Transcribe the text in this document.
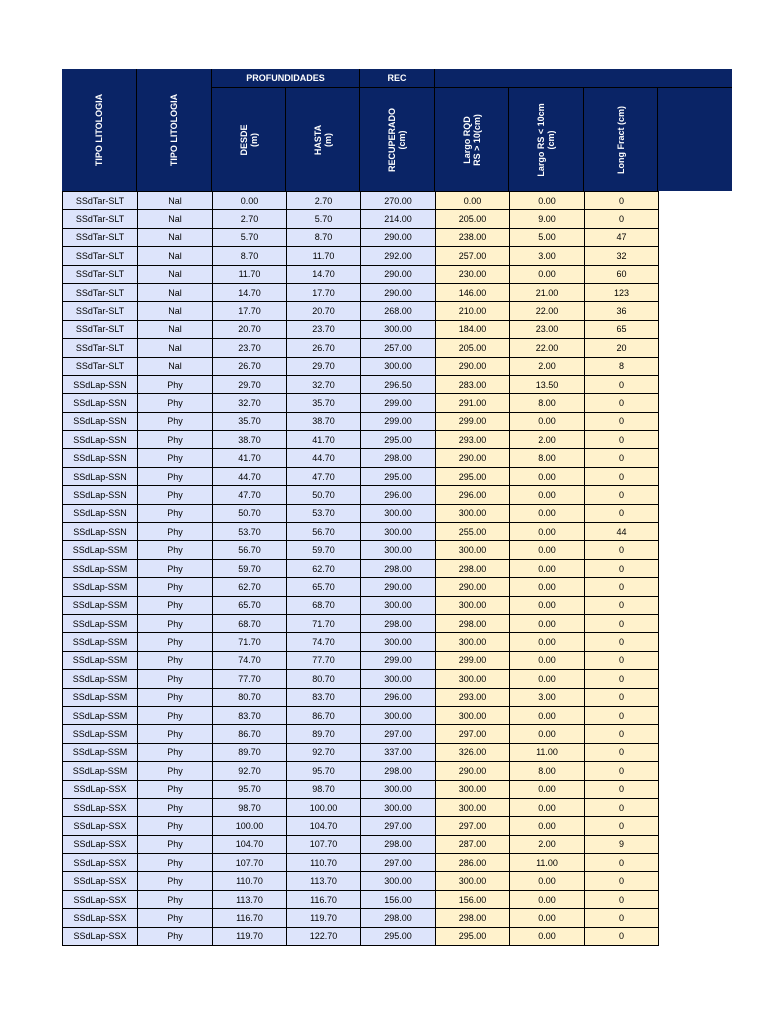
PROFUNDIDADES	REC
TIPO LITOLOGIA	TIPO LITOLOGIA	DESDE (m)	HASTA (m)	RECUPERADO (cm)	Largo RQD RS > 10(cm)	Largo RS < 10cm (cm)	Long Fract (cm)
SSdTar-SLT	Nal	0.00	2.70	270.00	0.00	0.00	0
SSdTar-SLT	Nal	2.70	5.70	214.00	205.00	9.00	0
SSdTar-SLT	Nal	5.70	8.70	290.00	238.00	5.00	47
SSdTar-SLT	Nal	8.70	11.70	292.00	257.00	3.00	32
SSdTar-SLT	Nal	11.70	14.70	290.00	230.00	0.00	60
SSdTar-SLT	Nal	14.70	17.70	290.00	146.00	21.00	123
SSdTar-SLT	Nal	17.70	20.70	268.00	210.00	22.00	36
SSdTar-SLT	Nal	20.70	23.70	300.00	184.00	23.00	65
SSdTar-SLT	Nal	23.70	26.70	257.00	205.00	22.00	20
SSdTar-SLT	Nal	26.70	29.70	300.00	290.00	2.00	8
SSdLap-SSN	Phy	29.70	32.70	296.50	283.00	13.50	0
SSdLap-SSN	Phy	32.70	35.70	299.00	291.00	8.00	0
SSdLap-SSN	Phy	35.70	38.70	299.00	299.00	0.00	0
SSdLap-SSN	Phy	38.70	41.70	295.00	293.00	2.00	0
SSdLap-SSN	Phy	41.70	44.70	298.00	290.00	8.00	0
SSdLap-SSN	Phy	44.70	47.70	295.00	295.00	0.00	0
SSdLap-SSN	Phy	47.70	50.70	296.00	296.00	0.00	0
SSdLap-SSN	Phy	50.70	53.70	300.00	300.00	0.00	0
SSdLap-SSN	Phy	53.70	56.70	300.00	255.00	0.00	44
SSdLap-SSM	Phy	56.70	59.70	300.00	300.00	0.00	0
SSdLap-SSM	Phy	59.70	62.70	298.00	298.00	0.00	0
SSdLap-SSM	Phy	62.70	65.70	290.00	290.00	0.00	0
SSdLap-SSM	Phy	65.70	68.70	300.00	300.00	0.00	0
SSdLap-SSM	Phy	68.70	71.70	298.00	298.00	0.00	0
SSdLap-SSM	Phy	71.70	74.70	300.00	300.00	0.00	0
SSdLap-SSM	Phy	74.70	77.70	299.00	299.00	0.00	0
SSdLap-SSM	Phy	77.70	80.70	300.00	300.00	0.00	0
SSdLap-SSM	Phy	80.70	83.70	296.00	293.00	3.00	0
SSdLap-SSM	Phy	83.70	86.70	300.00	300.00	0.00	0
SSdLap-SSM	Phy	86.70	89.70	297.00	297.00	0.00	0
SSdLap-SSM	Phy	89.70	92.70	337.00	326.00	11.00	0
SSdLap-SSM	Phy	92.70	95.70	298.00	290.00	8.00	0
SSdLap-SSX	Phy	95.70	98.70	300.00	300.00	0.00	0
SSdLap-SSX	Phy	98.70	100.00	300.00	300.00	0.00	0
SSdLap-SSX	Phy	100.00	104.70	297.00	297.00	0.00	0
SSdLap-SSX	Phy	104.70	107.70	298.00	287.00	2.00	9
SSdLap-SSX	Phy	107.70	110.70	297.00	286.00	11.00	0
SSdLap-SSX	Phy	110.70	113.70	300.00	300.00	0.00	0
SSdLap-SSX	Phy	113.70	116.70	156.00	156.00	0.00	0
SSdLap-SSX	Phy	116.70	119.70	298.00	298.00	0.00	0
SSdLap-SSX	Phy	119.70	122.70	295.00	295.00	0.00	0
